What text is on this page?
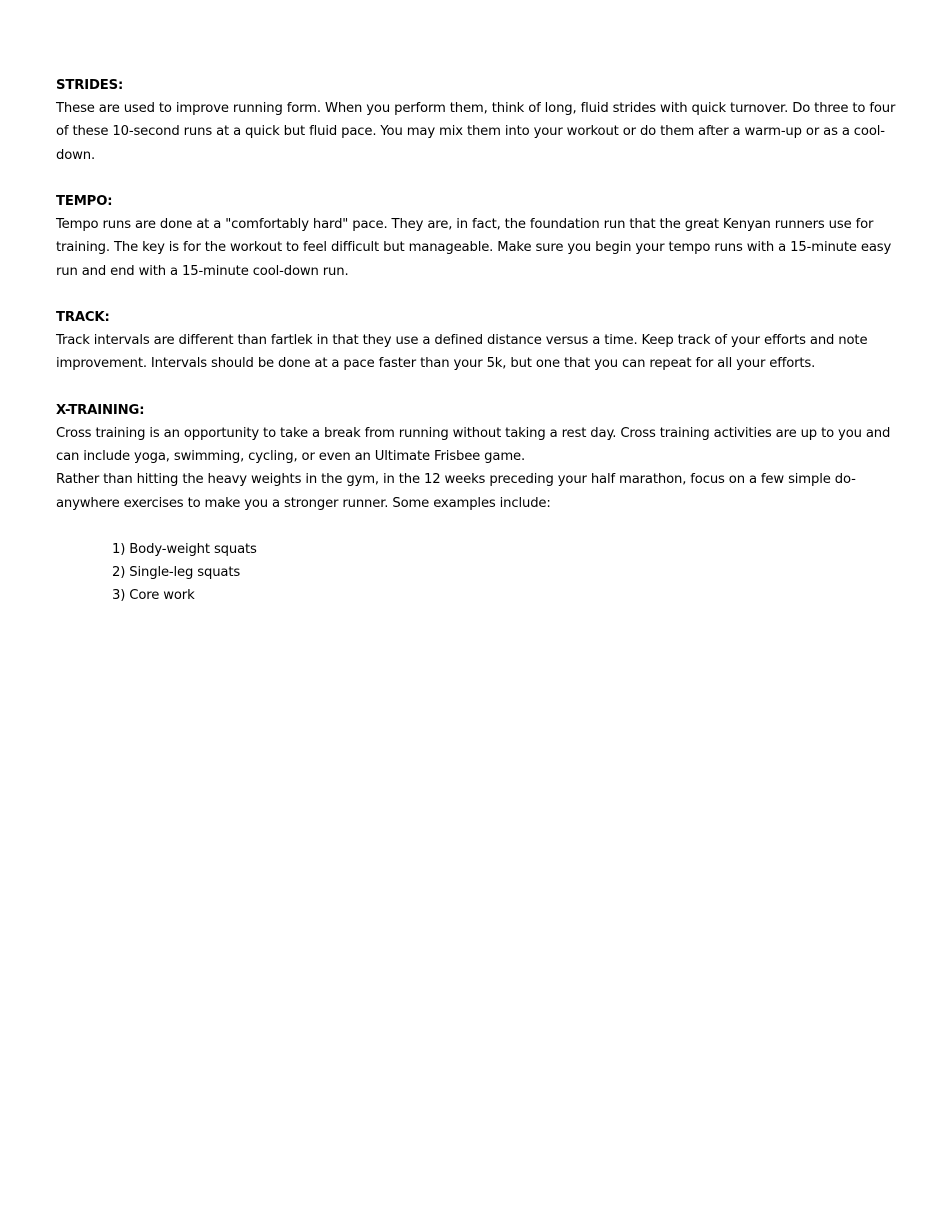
STRIDES:

These are used to improve running form. When you perform them, think of long, fluid strides with quick turnover. Do three to four of these 10-second runs at a quick but fluid pace. You may mix them into your workout or do them after a warm-up or as a cool-down.

TEMPO:

Tempo runs are done at a "comfortably hard" pace. They are, in fact, the foundation run that the great Kenyan runners use for training. The key is for the workout to feel difficult but manageable. Make sure you begin your tempo runs with a 15-minute easy run and end with a 15-minute cool-down run.

TRACK:

Track intervals are different than fartlek in that they use a defined distance versus a time. Keep track of your efforts and note improvement. Intervals should be done at a pace faster than your 5k, but one that you can repeat for all your efforts.

X-TRAINING:

Cross training is an opportunity to take a break from running without taking a rest day. Cross training activities are up to you and can include yoga, swimming, cycling, or even an Ultimate Frisbee game.

Rather than hitting the heavy weights in the gym, in the 12 weeks preceding your half marathon, focus on a few simple do-anywhere exercises to make you a stronger runner. Some examples include:

1) Body-weight squats
2) Single-leg squats
3) Core work
